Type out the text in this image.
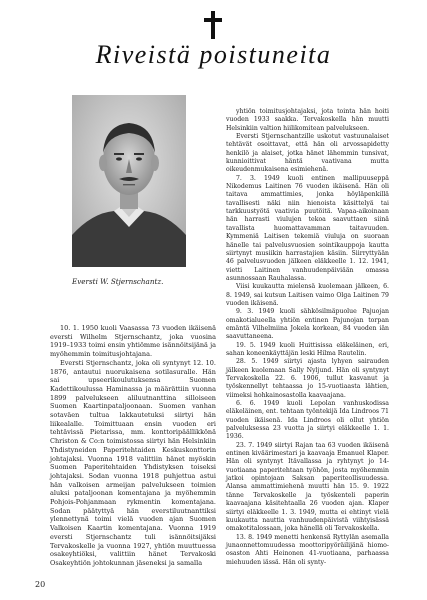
Riveistä poistuneita
Eversti W. Stjernschantz.

yhtiön toimitusjohtajaksi, jota tointa hän hoiti vuoden 1933 saakka. Tervakoskella hän muutti Helsinkiin valtion hiilikomitean palvelukseen.

Eversti Stjernschantzille uskotut vastuunalaiset tehtävät osoittavat, että hän oli arvossapidetty henkilö ja alaiset, jotka hänet lähemmin tunsivat, kunnioittivat häntä vaativana mutta oikeudenmukaisena esimiehenä.

7. 3. 1949 kuoli entinen mallipuuseppä Nikodemus Laitinen 76 vuoden ikäisenä. Hän oli taitava ammattimies, jonka höyläpenkillä tavallisesti näki niin hienoista käsittelyä tai tarkkuustyötä vaativia puutöitä. Vapaa-aikoinaan hän harrasti viulujen tekoa saavuttaen siinä tavallista huomattavamman taitavuuden. Kymmeniä Laitisen tekemiä viuluja on suoraan hänelle tai palvelusvuosien sointikauppoja kautta siirtynyt musiikin harrastajien käsiin. Siirryttyään 46 palvelusvuoden jälkeen eläkkeelle 1. 12. 1941, vietti Laitinen vanhuudenpäiviään omassa asunnossaan Rauhalassa.

Viisi kuukautta mielensä kuolemaan jälkeen, 6. 8. 1949, sai kutsun Laitisen vaimo Olga Laitinen 79 vuoden ikäisenä.

9. 3. 1949 kuoli sähkösilmäpuolue Pajuojan omakotialueella yhtiön entinen Pajunojan torpan emäntä Vilhelmiina Jokela korkean, 84 vuoden iän saavuttaneena.

19. 5. 1949 kuoli Huittisissa eläkeläinen, eri, sahan koneenkäyttäjän leski Hilma Rautelin.

28. 5. 1949 siirtyi ajasta lyhyen sairauden jälkeen kuolemaan Sally Nyljund. Hän oli syntynyt Tervakoskella 22. 6. 1906, tullut kasvanut ja työskennellyt tehtaassa jo 15-vuotiaasta lähtien, viimeksi hohkainosastolla kaavaajana.

6. 6. 1949 kuoli Lepolan vanhuskodissa eläkeläinen, ent. tehtaan työntekijä Ida Lindroos 71 vuoden ikäisenä. Ida Lindroos oli ollut yhtiön palveluksessa 23 vuotta ja siirtyi eläkkeelle 1. 1. 1936.

23. 7. 1949 siirtyi Rajan taa 63 vuoden ikäisenä entinen kiväärimestari ja kaavaaja Emanuel Klaper. Hän oli syntynyt Itävallassa ja ryhtynyt jo 14-vuotiaana paperitehtaan työhön, josta myöhemmin jatkoi opintojaan Saksan paperiteollisuudessa. Alansa ammattimiehenä muutti hän 15. 9. 1922 tänne Tervakoskelle ja työskenteli paperin kaavaajana käsitehtaalla 26 vuoden ajan. Klaper siirtyi eläkkeelle 1. 3. 1949, mutta ei ehtinyt vielä kuukautta nauttia vanhuudenpäivistä viihtyisässä omakotitalossaan, joka hänellä oli Tervakoskella.

13. 8. 1949 menetti henkensä Ryttylän asemalla junaonnettomuudessa moottoripyöräilijänä hiomo-osaston Ahti Heinonen 41-vuotiaana, parhaassa miehuuden iässä. Hän oli synty-

10. 1. 1950 kuoli Vaasassa 73 vuoden ikäisenä eversti Wilhelm Stjernschantz, joka vuosina 1919–1933 toimi ensin yhtiömme isännöitsijänä ja myöhemmin toimitusjohtajana.

Eversti Stjernschantz, joka oli syntynyt 12. 10. 1876, antautui nuorukaisena sotilasuralle. Hän sai upseerikoulutuksensa Suomen Kadettikoulussa Haminassa ja määrättiin vuonna 1899 palvelukseen aliluutnanttina silloiseen Suomen Kaartinpataljoonaan. Suomen vanhan sotaväen tultua lakkautetuksi siirtyi hän liikealalle. Toimittuaan ensin vuoden eri tehtävissä Pietarissa, mm. konttoripäällikkönä Christon & Co:n toimistossa siirtyi hän Helsinkiin Yhdistyneiden Paperitehtaiden Keskuskonttorin johtajaksi. Vuonna 1918 valittiin hänet myöskin Suomen Paperitehtaiden Yhdistyksen toiseksi johtajaksi. Sodan vuonna 1918 puhjettua astui hän valkoisen armeijan palvelukseen toimien aluksi pataljoonan komentajana ja myöhemmin Pohjois-Pohjanmaan rykmentin komentajana. Sodan päätyttyä hän everstiluutnanttiksi ylennettynä toimi vielä vuoden ajan Suomen Valkoisen Kaartin komentajana. Vuonna 1919 eversti Stjernschantz tuli isännöitsijäksi Tervakoskelle ja vuonna 1927, yhtiön muuttuessa osakeyhtiöksi, valittiin hänet Tervakoski Osakeyhtiön johtokunnan jäseneksi ja samalla

20
